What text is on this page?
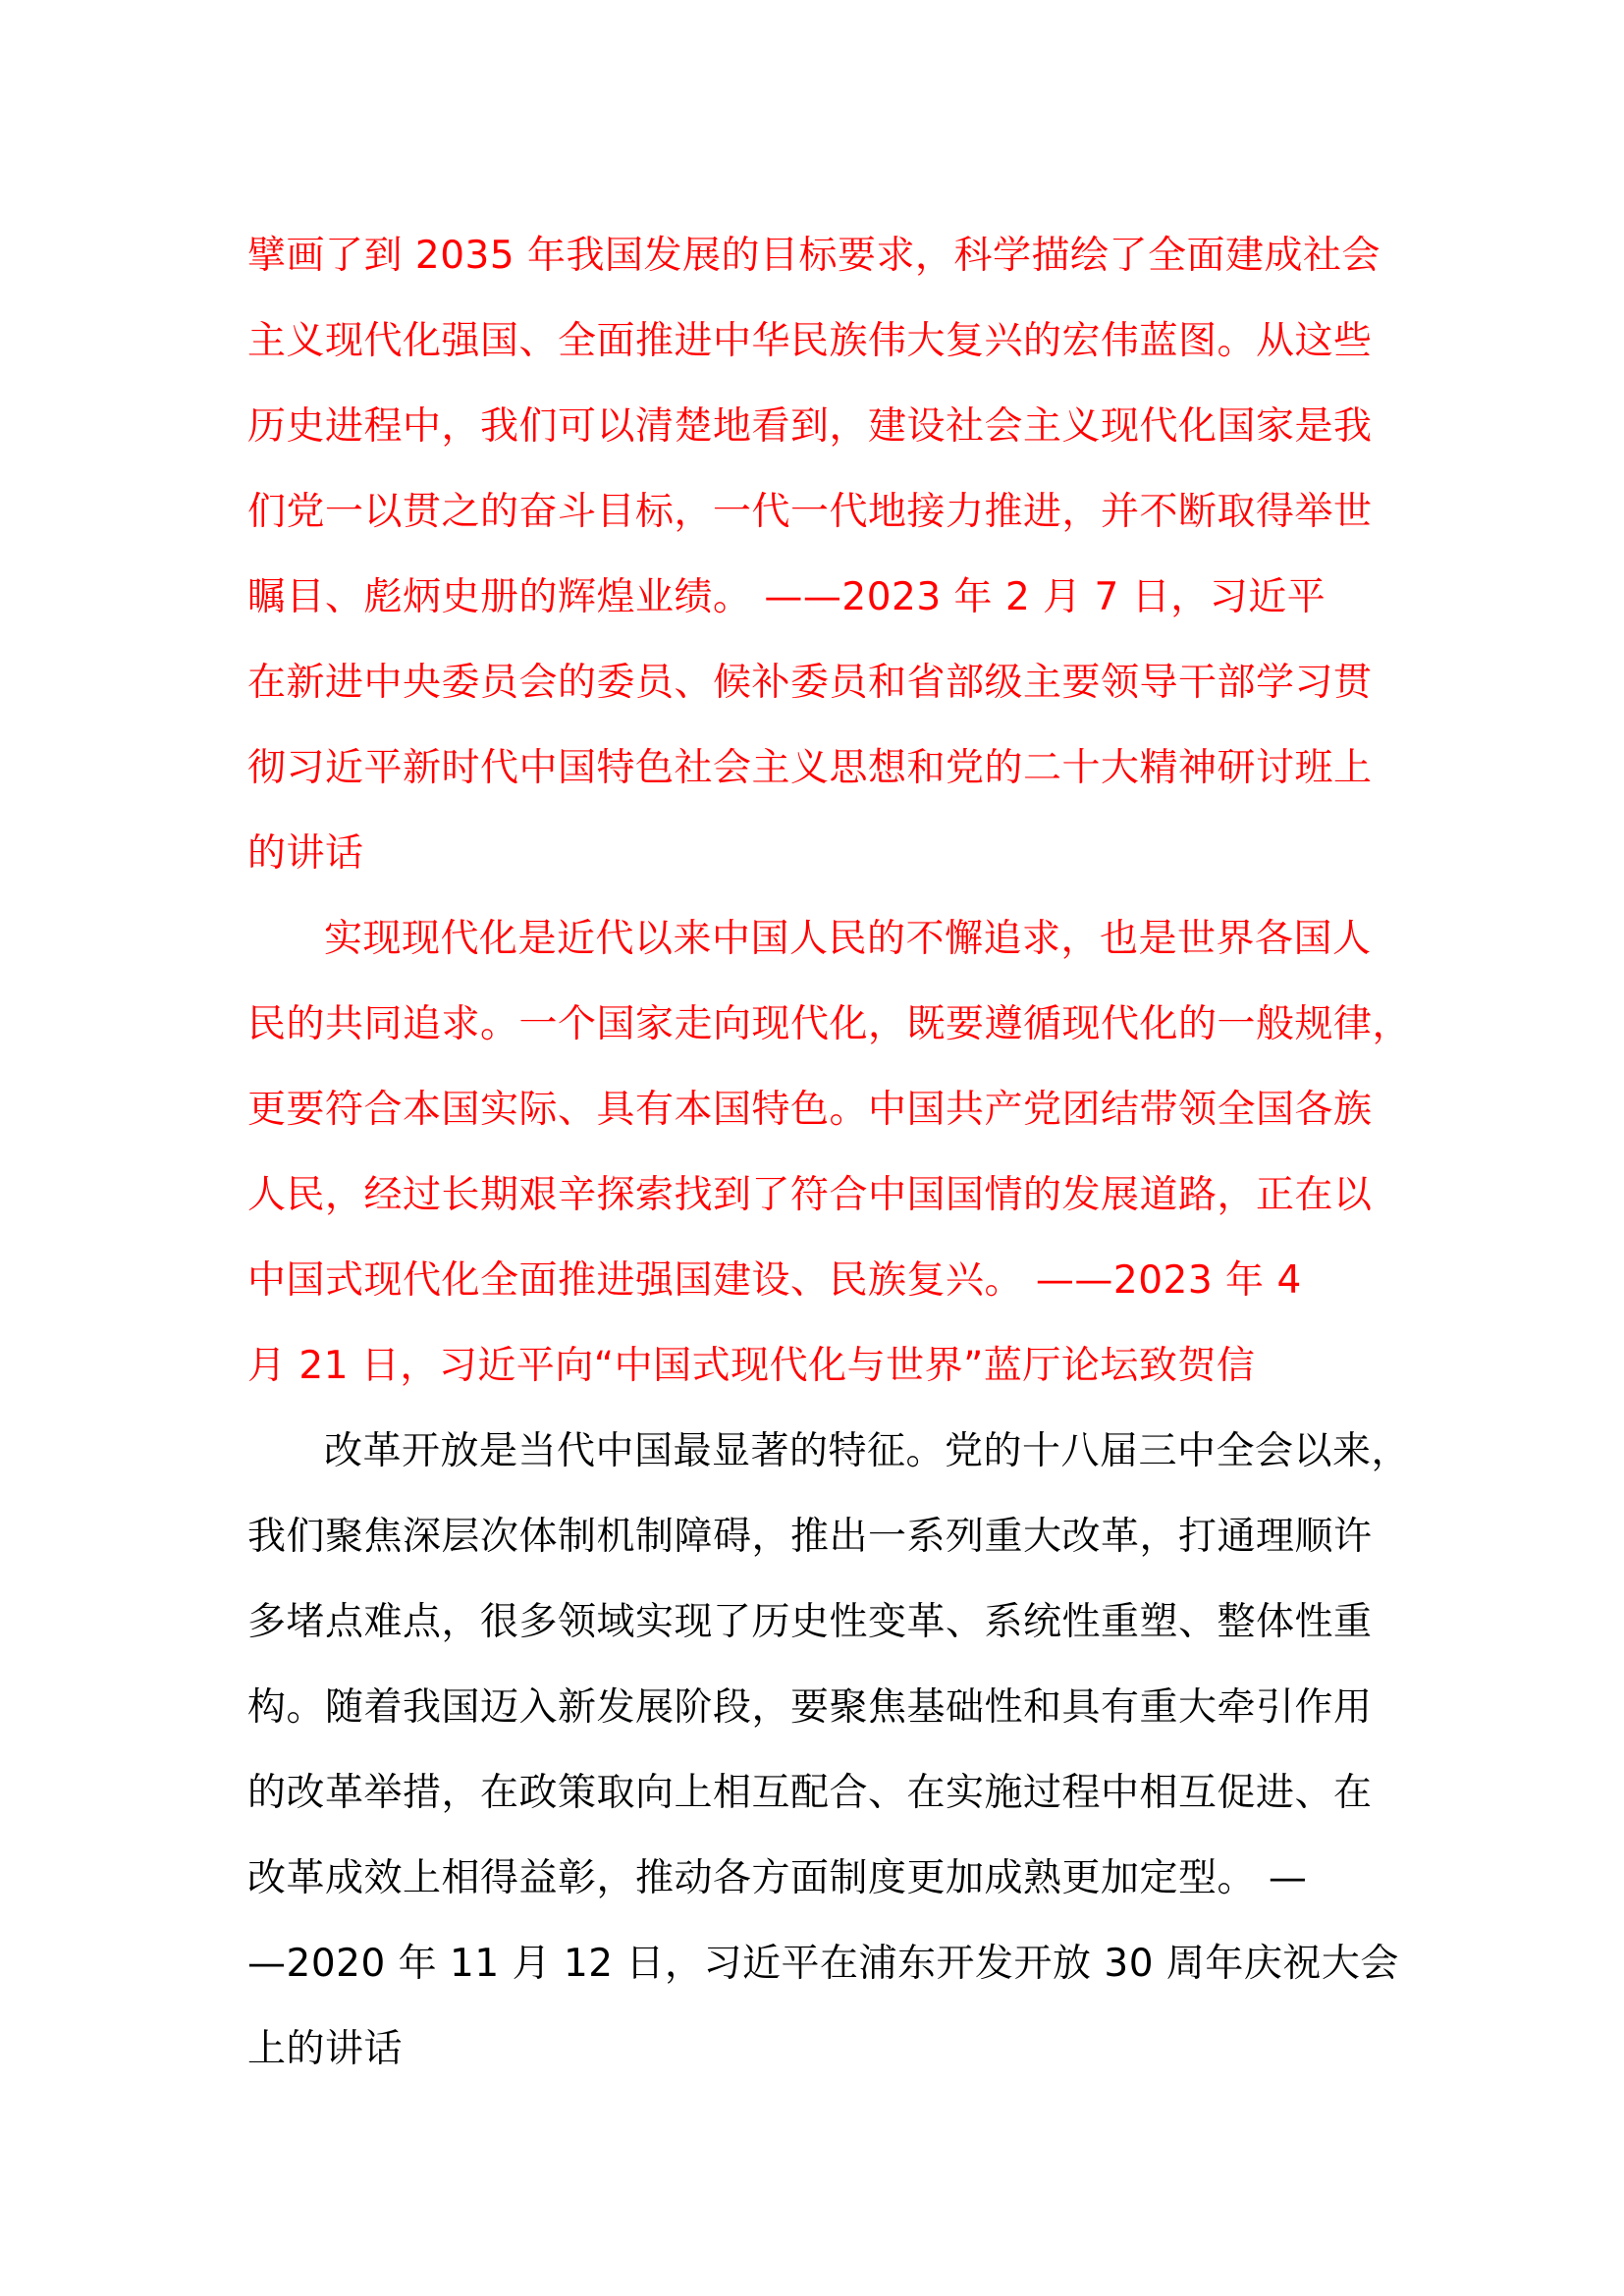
擘画了到 2035 年我国发展的目标要求，科学描绘了全面建成社会

主义现代化强国、全面推进中华民族伟大复兴的宏伟蓝图。从这些

历史进程中，我们可以清楚地看到，建设社会主义现代化国家是我

们党一以贯之的奋斗目标，一代一代地接力推进，并不断取得举世

瞩目、彪炳史册的辉煌业绩。 ——2023 年 2 月 7 日，习近平

在新进中央委员会的委员、候补委员和省部级主要领导干部学习贯

彻习近平新时代中国特色社会主义思想和党的二十大精神研讨班上

的讲话

实现现代化是近代以来中国人民的不懈追求，也是世界各国人

民的共同追求。一个国家走向现代化，既要遵循现代化的一般规律，

更要符合本国实际、具有本国特色。中国共产党团结带领全国各族

人民，经过长期艰辛探索找到了符合中国国情的发展道路，正在以

中国式现代化全面推进强国建设、民族复兴。 ——2023 年 4

月 21 日，习近平向“中国式现代化与世界”蓝厅论坛致贺信

改革开放是当代中国最显著的特征。党的十八届三中全会以来，

我们聚焦深层次体制机制障碍，推出一系列重大改革，打通理顺许

多堵点难点，很多领域实现了历史性变革、系统性重塑、整体性重

构。随着我国迈入新发展阶段，要聚焦基础性和具有重大牵引作用

的改革举措，在政策取向上相互配合、在实施过程中相互促进、在

改革成效上相得益彰，推动各方面制度更加成熟更加定型。 —

—2020 年 11 月 12 日，习近平在浦东开发开放 30 周年庆祝大会

上的讲话
